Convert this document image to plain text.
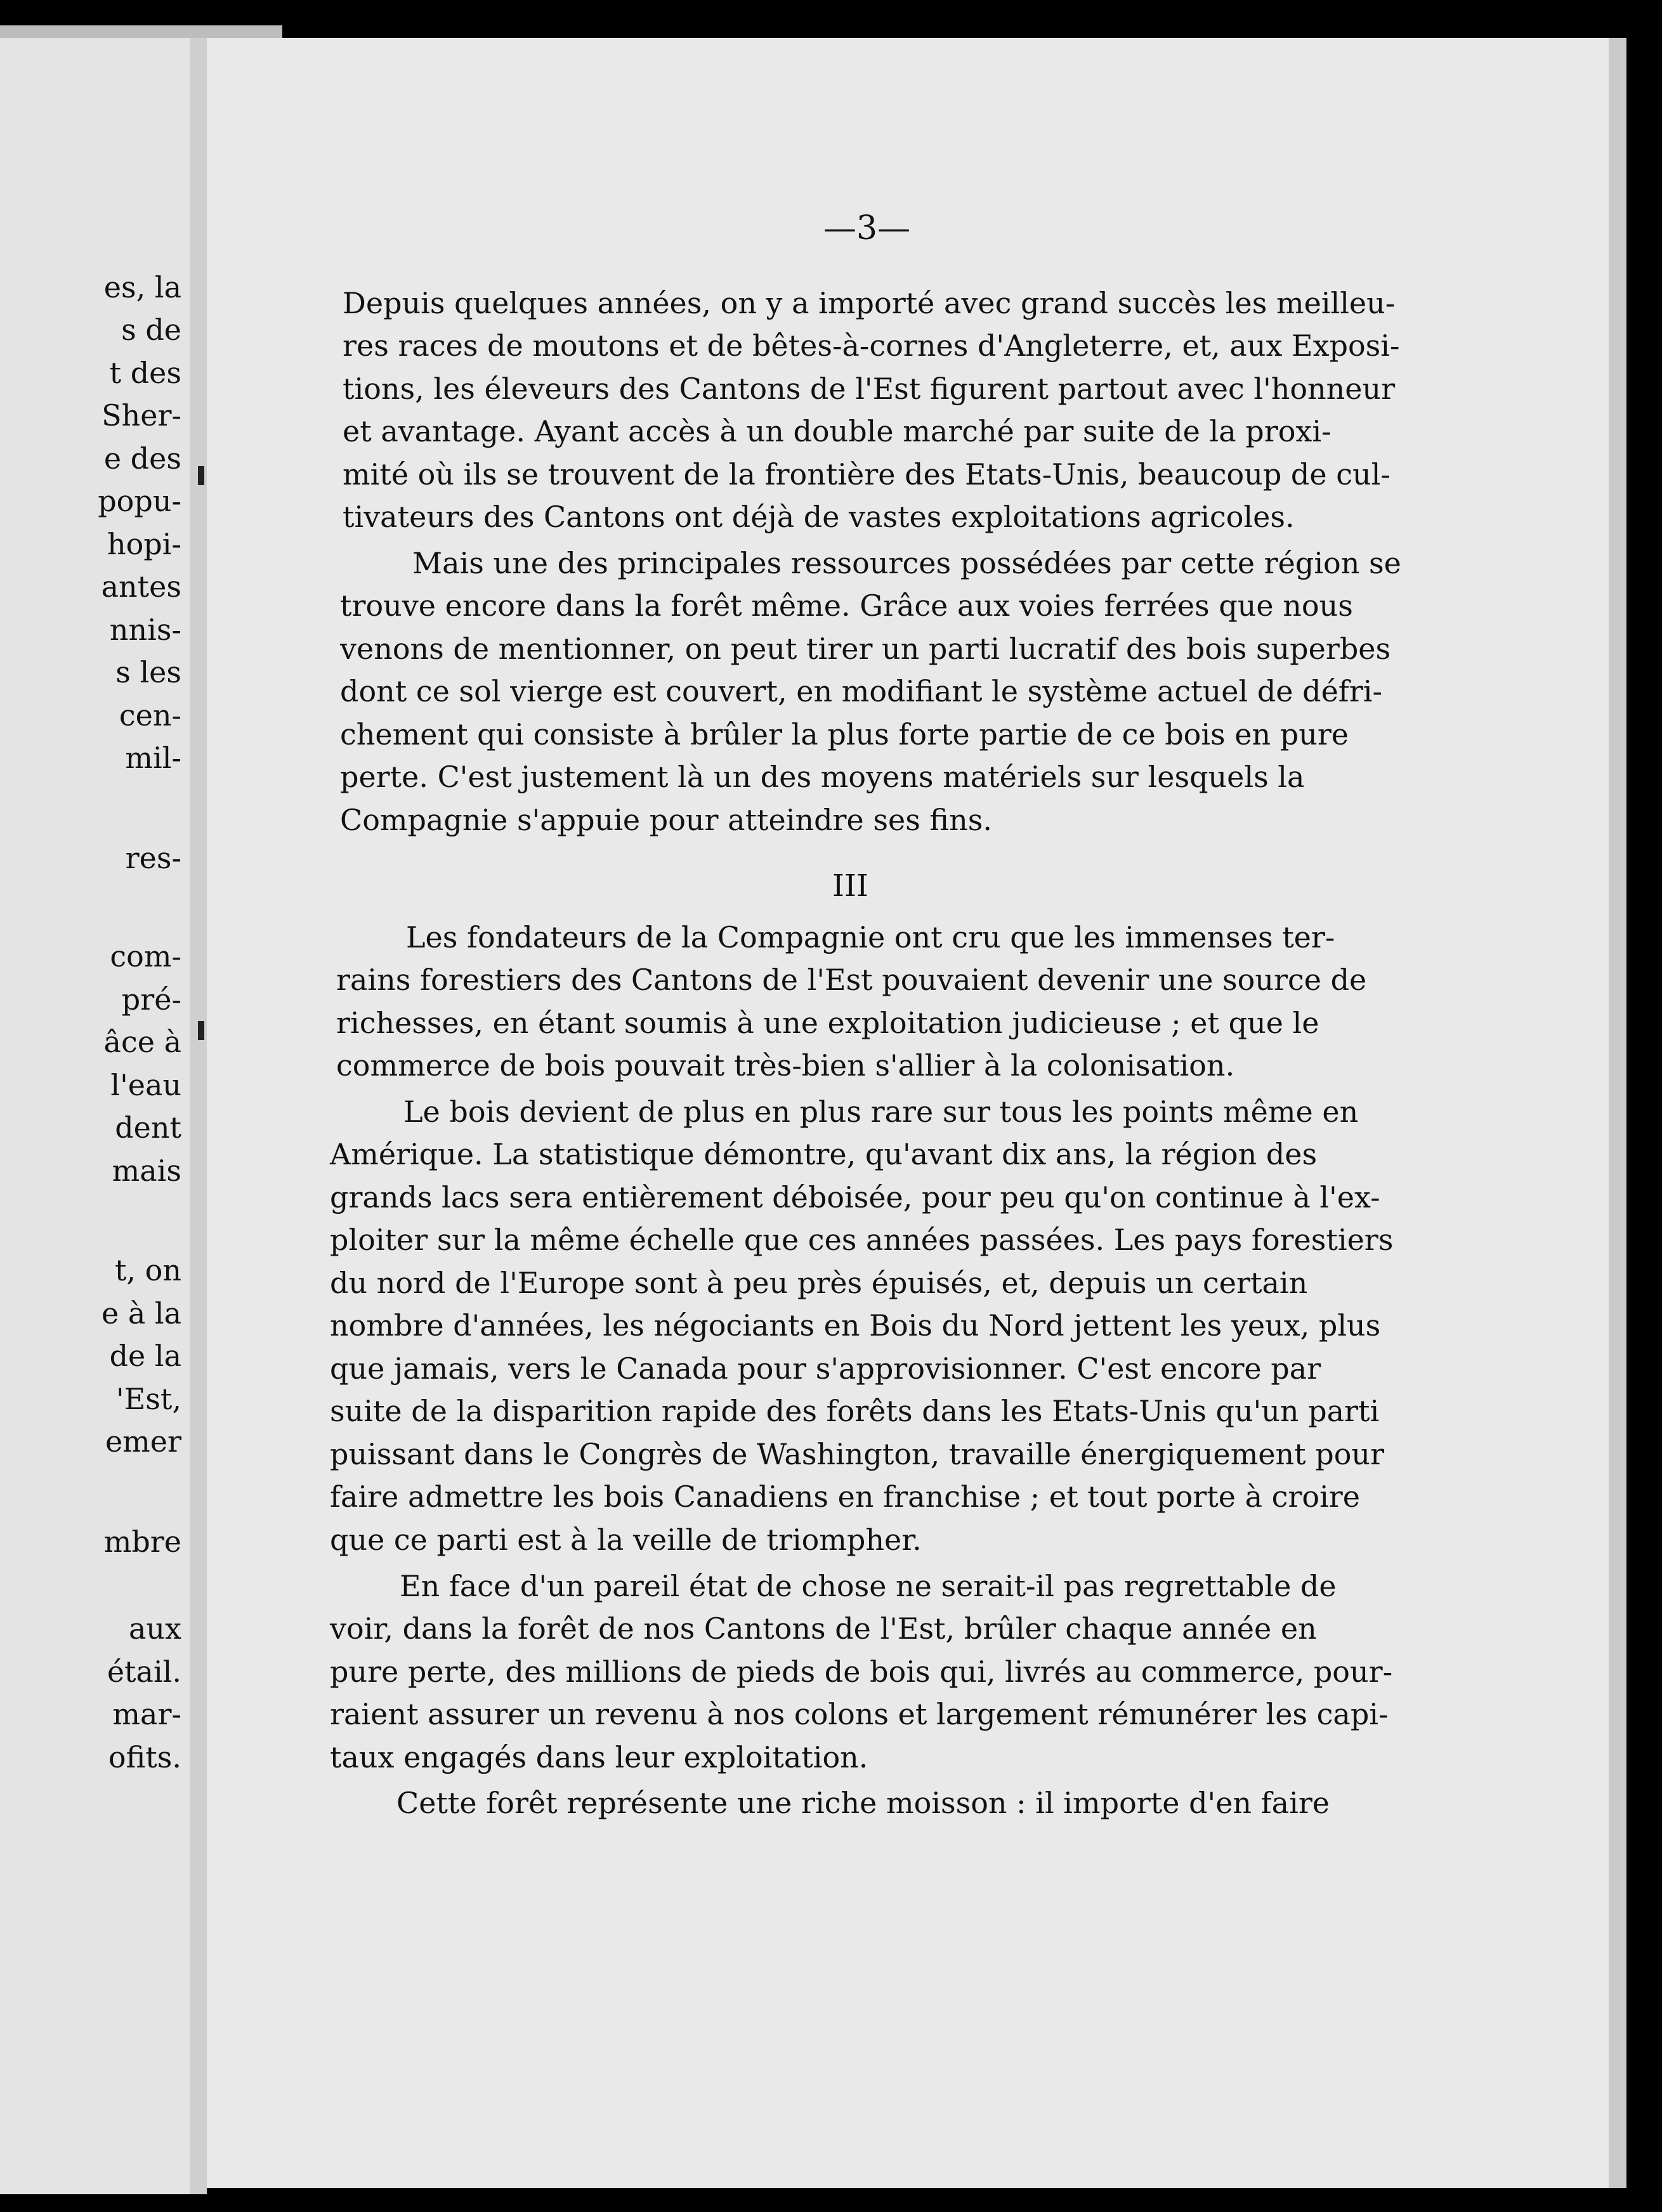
es, la
s de
t des
Sher-
e des
popu-
hopi-
antes
nnis-
s les
cen-
mil-
res-
com-
pré-
âce à
l'eau
dent
mais
t, on
e à la
de la
'Est,
emer
mbre
aux
étail.
mar-
ofits.
—3—
Depuis quelques années, on y a importé avec grand succès les meilleu-
res races de moutons et de bêtes-à-cornes d'Angleterre, et, aux Exposi-
tions, les éleveurs des Cantons de l'Est figurent partout avec l'honneur
et avantage. Ayant accès à un double marché par suite de la proxi-
mité où ils se trouvent de la frontière des Etats-Unis, beaucoup de cul-
tivateurs des Cantons ont déjà de vastes exploitations agricoles.
Mais une des principales ressources possédées par cette région se
trouve encore dans la forêt même. Grâce aux voies ferrées que nous
venons de mentionner, on peut tirer un parti lucratif des bois superbes
dont ce sol vierge est couvert, en modifiant le système actuel de défri-
chement qui consiste à brûler la plus forte partie de ce bois en pure
perte. C'est justement là un des moyens matériels sur lesquels la
Compagnie s'appuie pour atteindre ses fins.
III
Les fondateurs de la Compagnie ont cru que les immenses ter-
rains forestiers des Cantons de l'Est pouvaient devenir une source de
richesses, en étant soumis à une exploitation judicieuse ; et que le
commerce de bois pouvait très-bien s'allier à la colonisation.
Le bois devient de plus en plus rare sur tous les points même en
Amérique. La statistique démontre, qu'avant dix ans, la région des
grands lacs sera entièrement déboisée, pour peu qu'on continue à l'ex-
ploiter sur la même échelle que ces années passées. Les pays forestiers
du nord de l'Europe sont à peu près épuisés, et, depuis un certain
nombre d'années, les négociants en Bois du Nord jettent les yeux, plus
que jamais, vers le Canada pour s'approvisionner. C'est encore par
suite de la disparition rapide des forêts dans les Etats-Unis qu'un parti
puissant dans le Congrès de Washington, travaille énergiquement pour
faire admettre les bois Canadiens en franchise ; et tout porte à croire
que ce parti est à la veille de triompher.
En face d'un pareil état de chose ne serait-il pas regrettable de
voir, dans la forêt de nos Cantons de l'Est, brûler chaque année en
pure perte, des millions de pieds de bois qui, livrés au commerce, pour-
raient assurer un revenu à nos colons et largement rémunérer les capi-
taux engagés dans leur exploitation.
Cette forêt représente une riche moisson : il importe d'en faire
